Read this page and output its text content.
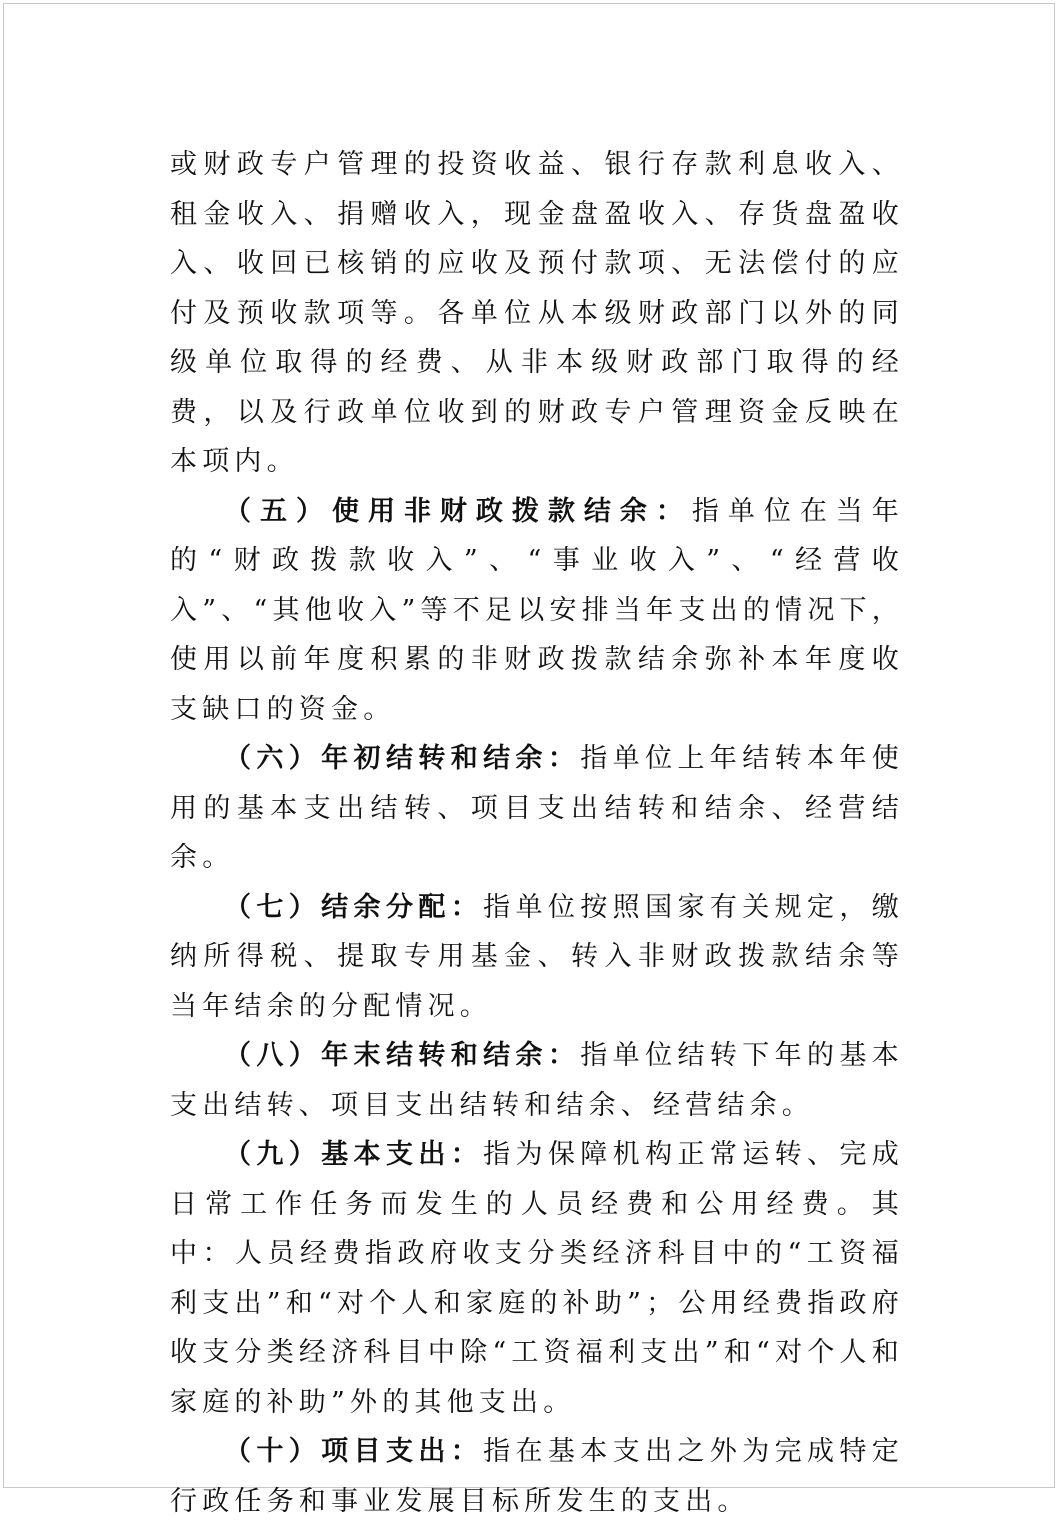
或财政专户管理的投资收益、银行存款利息收入、租金收入、捐赠收入，现金盘盈收入、存货盘盈收入、收回已核销的应收及预付款项、无法偿付的应付及预收款项等。各单位从本级财政部门以外的同级单位取得的经费、从非本级财政部门取得的经费，以及行政单位收到的财政专户管理资金反映在本项内。

（五）使用非财政拨款结余：指单位在当年的“财政拨款收入”、“事业收入”、“经营收入”、“其他收入”等不足以安排当年支出的情况下，使用以前年度积累的非财政拨款结余弥补本年度收支缺口的资金。

（六）年初结转和结余：指单位上年结转本年使用的基本支出结转、项目支出结转和结余、经营结余。

（七）结余分配：指单位按照国家有关规定，缴纳所得税、提取专用基金、转入非财政拨款结余等当年结余的分配情况。

（八）年末结转和结余：指单位结转下年的基本支出结转、项目支出结转和结余、经营结余。

（九）基本支出：指为保障机构正常运转、完成日常工作任务而发生的人员经费和公用经费。其中：人员经费指政府收支分类经济科目中的“工资福利支出”和“对个人和家庭的补助”；公用经费指政府收支分类经济科目中除“工资福利支出”和“对个人和家庭的补助”外的其他支出。

（十）项目支出：指在基本支出之外为完成特定行政任务和事业发展目标所发生的支出。
